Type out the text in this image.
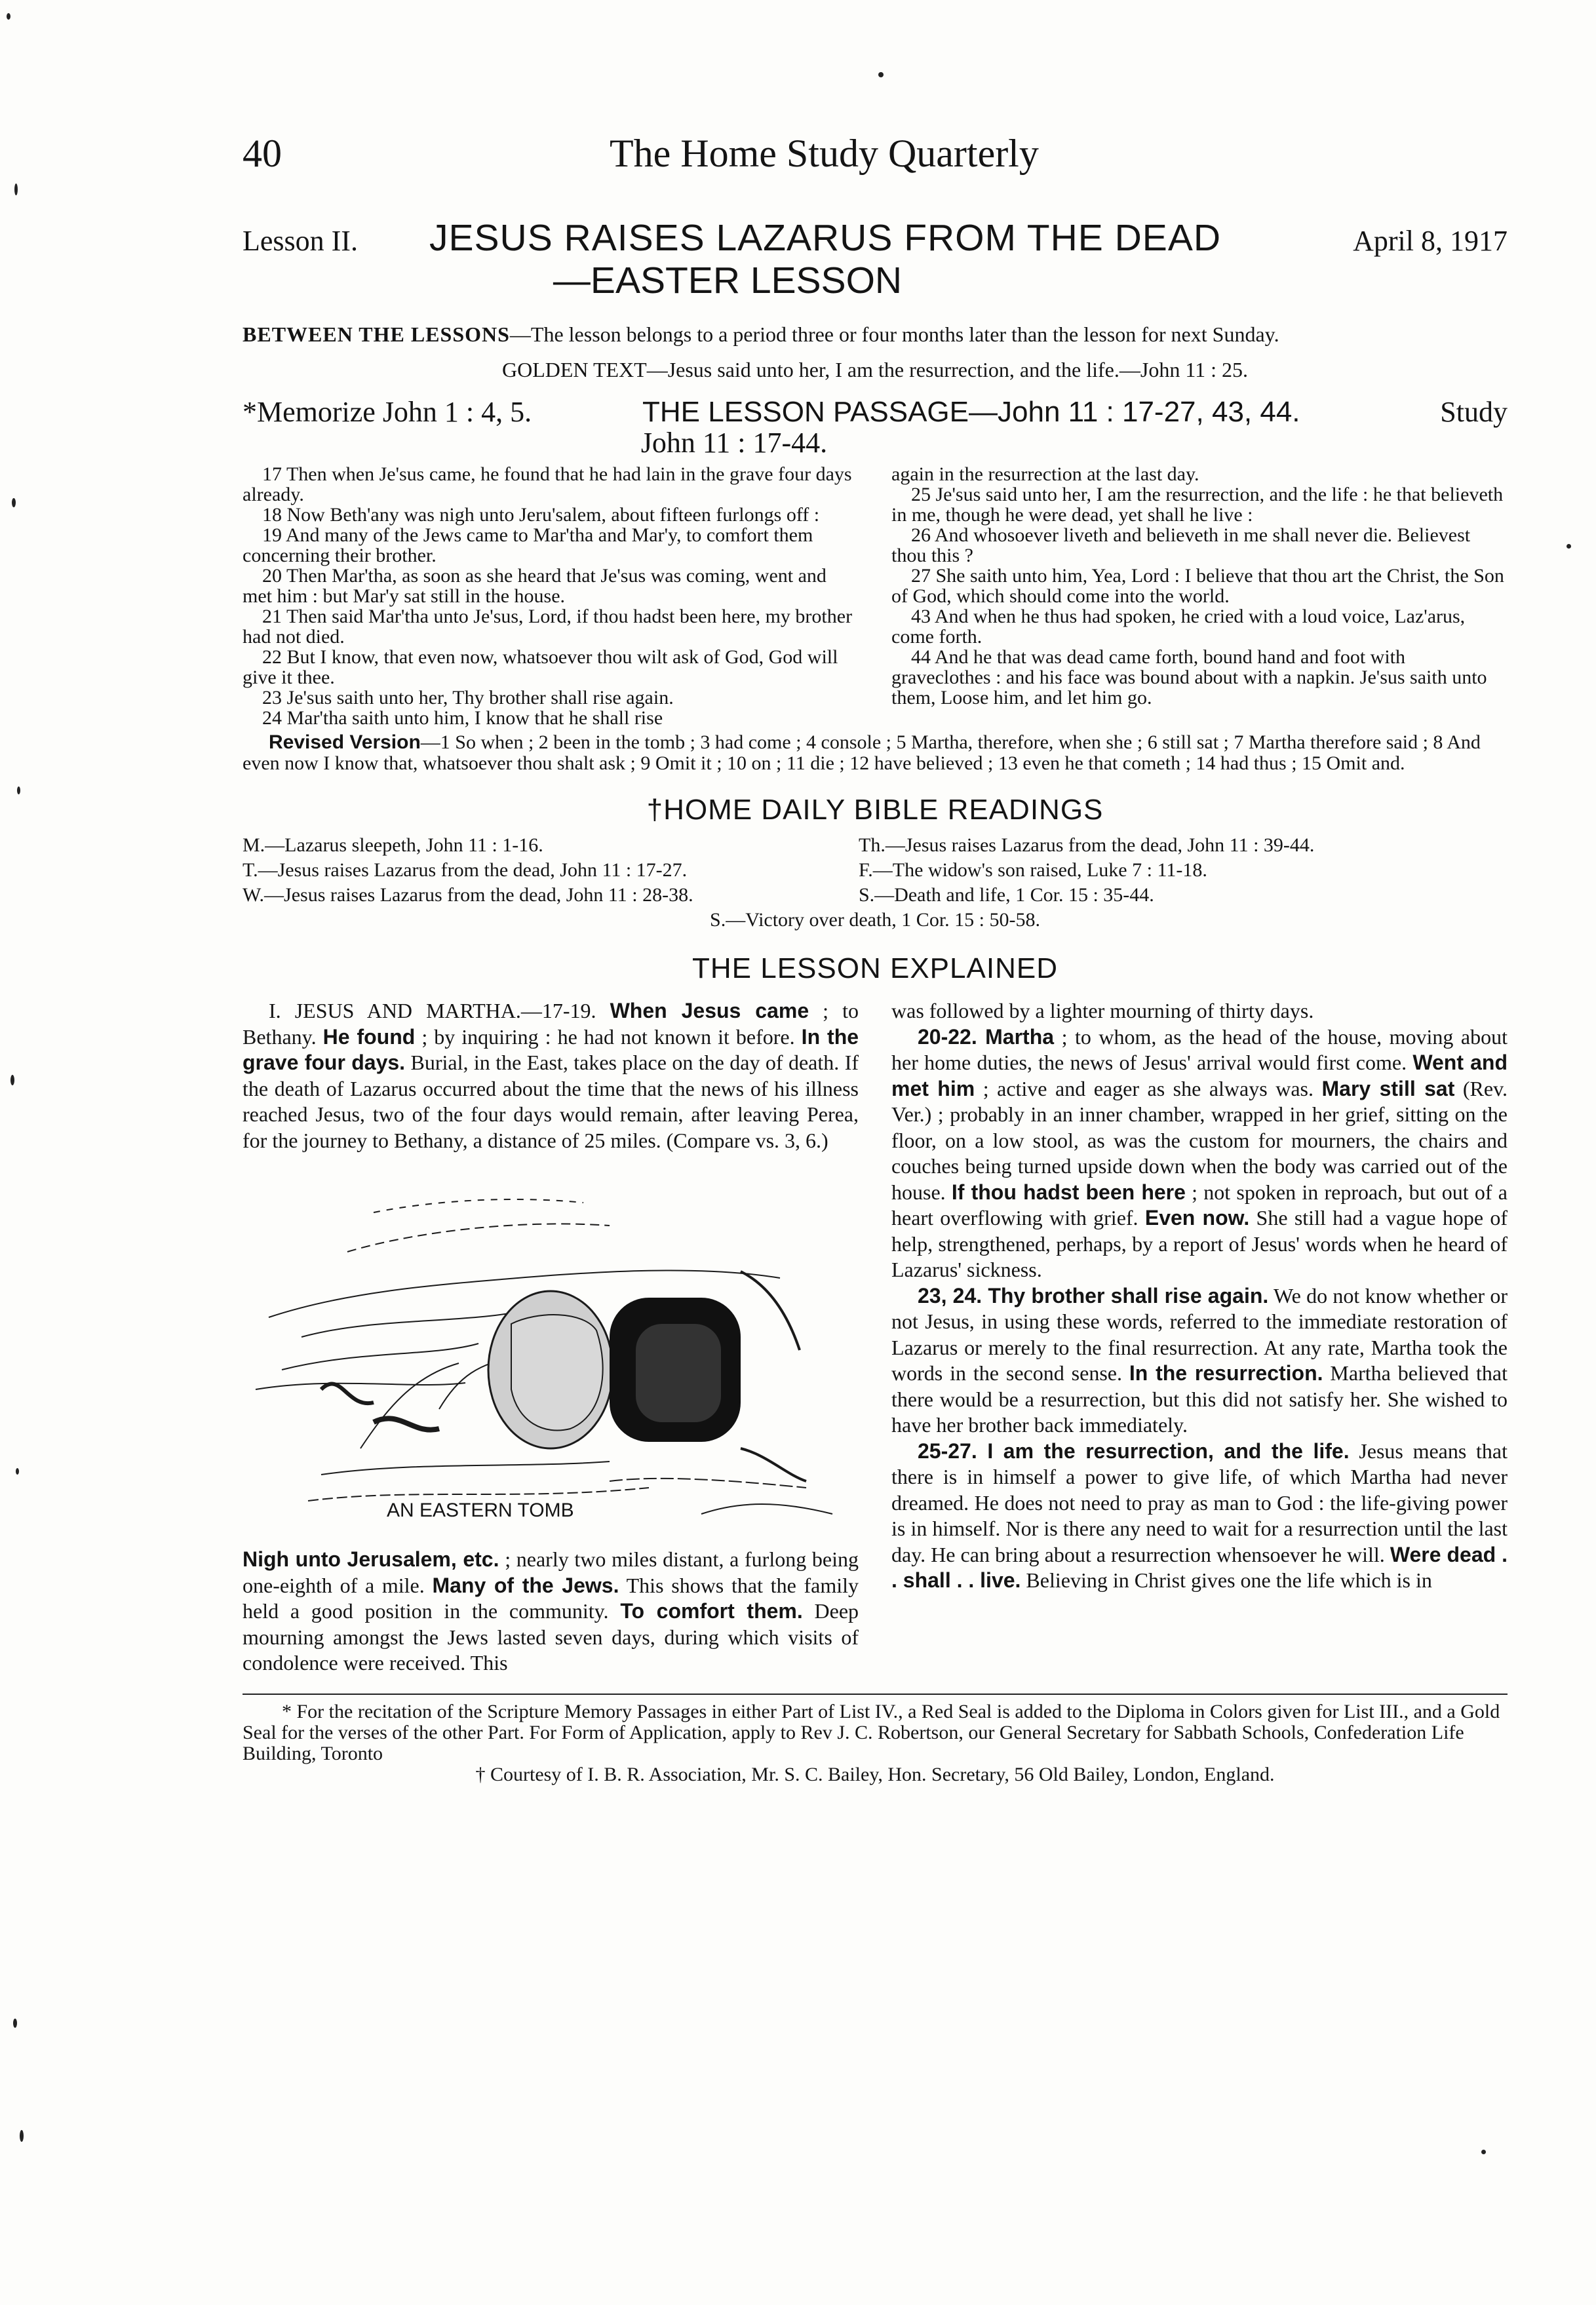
40	The Home Study Quarterly
Lesson II.	JESUS RAISES LAZARUS FROM THE DEAD	April 8, 1917
—EASTER LESSON
BETWEEN THE LESSONS—The lesson belongs to a period three or four months later than the lesson for next Sunday.
GOLDEN TEXT—Jesus said unto her, I am the resurrection, and the life.—John 11 : 25.
*Memorize John 1 : 4, 5.	THE LESSON PASSAGE—John 11 : 17-27, 43, 44.	Study
John 11 : 17-44.

17 Then when Je'sus came, he found that he had lain in the grave four days already.

18 Now Beth'any was nigh unto Jeru'salem, about fifteen furlongs off :

19 And many of the Jews came to Mar'tha and Mar'y, to comfort them concerning their brother.

20 Then Mar'tha, as soon as she heard that Je'sus was coming, went and met him : but Mar'y sat still in the house.

21 Then said Mar'tha unto Je'sus, Lord, if thou hadst been here, my brother had not died.

22 But I know, that even now, whatsoever thou wilt ask of God, God will give it thee.

23 Je'sus saith unto her, Thy brother shall rise again.

24 Mar'tha saith unto him, I know that he shall rise

again in the resurrection at the last day.

25 Je'sus said unto her, I am the resurrection, and the life : he that believeth in me, though he were dead, yet shall he live :

26 And whosoever liveth and believeth in me shall never die. Believest thou this ?

27 She saith unto him, Yea, Lord : I believe that thou art the Christ, the Son of God, which should come into the world.

43 And when he thus had spoken, he cried with a loud voice, Laz'arus, come forth.

44 And he that was dead came forth, bound hand and foot with graveclothes : and his face was bound about with a napkin. Je'sus saith unto them, Loose him, and let him go.

Revised Version—1 So when ; 2 been in the tomb ; 3 had come ; 4 console ; 5 Martha, therefore, when she ; 6 still sat ; 7 Martha therefore said ; 8 And even now I know that, whatsoever thou shalt ask ; 9 Omit it ; 10 on ; 11 die ; 12 have believed ; 13 even he that cometh ; 14 had thus ; 15 Omit and.
†HOME DAILY BIBLE READINGS
M.—Lazarus sleepeth, John 11 : 1-16.	Th.—Jesus raises Lazarus from the dead, John 11 : 39-44.
T.—Jesus raises Lazarus from the dead, John 11 : 17-27.	F.—The widow's son raised, Luke 7 : 11-18.
W.—Jesus raises Lazarus from the dead, John 11 : 28-38.	S.—Death and life, 1 Cor. 15 : 35-44.
S.—Victory over death, 1 Cor. 15 : 50-58.
THE LESSON EXPLAINED

I. JESUS AND MARTHA.—17-19. When Jesus came ; to Bethany. He found ; by inquiring : he had not known it before. In the grave four days. Burial, in the East, takes place on the day of death. If the death of Lazarus occurred about the time that the news of his illness reached Jesus, two of the four days would remain, after leaving Perea, for the journey to Bethany, a distance of 25 miles. (Compare vs. 3, 6.)

AN EASTERN TOMB

Nigh unto Jerusalem, etc. ; nearly two miles distant, a furlong being one-eighth of a mile. Many of the Jews. This shows that the family held a good position in the community. To comfort them. Deep mourning amongst the Jews lasted seven days, during which visits of condolence were received. This

was followed by a lighter mourning of thirty days.

20-22. Martha ; to whom, as the head of the house, moving about her home duties, the news of Jesus' arrival would first come. Went and met him ; active and eager as she always was. Mary still sat (Rev. Ver.) ; probably in an inner chamber, wrapped in her grief, sitting on the floor, on a low stool, as was the custom for mourners, the chairs and couches being turned upside down when the body was carried out of the house. If thou hadst been here ; not spoken in reproach, but out of a heart overflowing with grief. Even now. She still had a vague hope of help, strengthened, perhaps, by a report of Jesus' words when he heard of Lazarus' sickness.

23, 24. Thy brother shall rise again. We do not know whether or not Jesus, in using these words, referred to the immediate restoration of Lazarus or merely to the final resurrection. At any rate, Martha took the words in the second sense. In the resurrection. Martha believed that there would be a resurrection, but this did not satisfy her. She wished to have her brother back immediately.

25-27. I am the resurrection, and the life. Jesus means that there is in himself a power to give life, of which Martha had never dreamed. He does not need to pray as man to God : the life-giving power is in himself. Nor is there any need to wait for a resurrection until the last day. He can bring about a resurrection whensoever he will. Were dead . . shall . . live. Believing in Christ gives one the life which is in

* For the recitation of the Scripture Memory Passages in either Part of List IV., a Red Seal is added to the Diploma in Colors given for List III., and a Gold Seal for the verses of the other Part. For Form of Application, apply to Rev J. C. Robertson, our General Secretary for Sabbath Schools, Confederation Life Building, Toronto

† Courtesy of I. B. R. Association, Mr. S. C. Bailey, Hon. Secretary, 56 Old Bailey, London, England.
